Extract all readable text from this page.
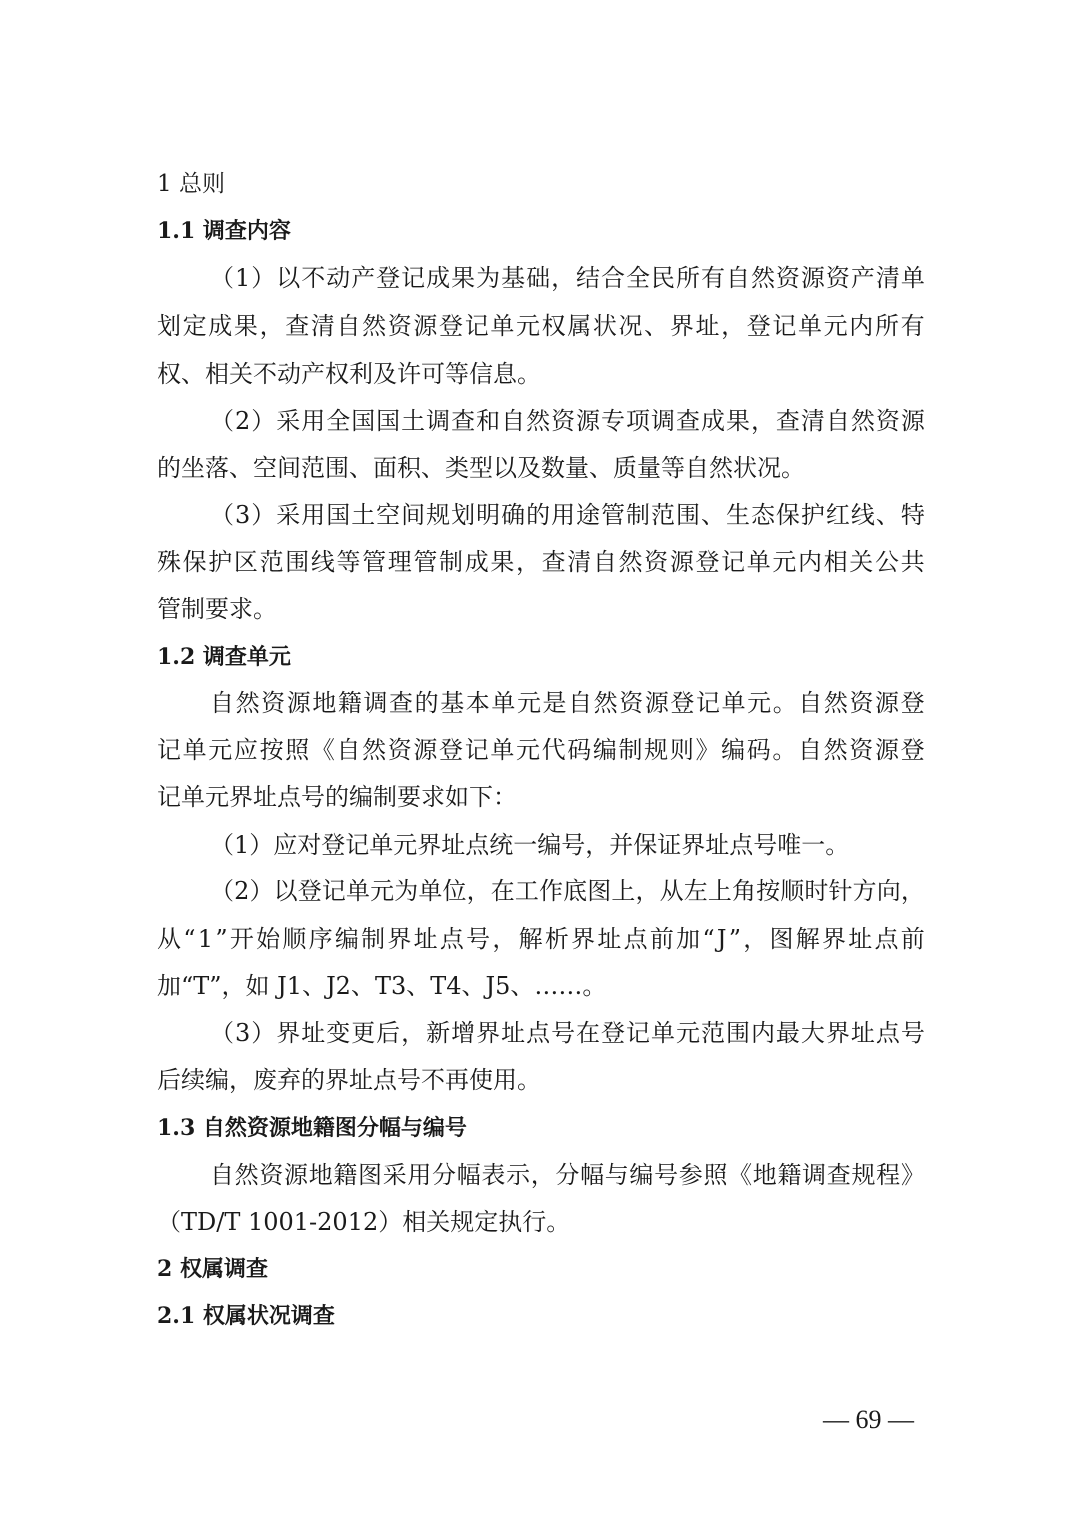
1 总则

1.1 调查内容

（ 1 ） 以 不 动 产 登 记 成 果 为 基 础 ， 结 合 全 民 所 有 自 然 资 源 资 产 清 单

划 定 成 果 ， 查 清 自 然 资 源 登 记 单 元 权 属 状 况 、 界 址 ， 登 记 单 元 内 所 有

权、相关不动产权利及许可等信息。

（ 2 ） 采 用 全 国 国 土 调 查 和 自 然 资 源 专 项 调 查 成 果 ， 查 清 自 然 资 源

的坐落、空间范围、面积、类型以及数量、质量等自然状况。

（ 3 ） 采 用 国 土 空 间 规 划 明 确 的 用 途 管 制 范 围 、 生 态 保 护 红 线 、 特

殊 保 护 区 范 围 线 等 管 理 管 制 成 果 ， 查 清 自 然 资 源 登 记 单 元 内 相 关 公 共

管制要求。

1.2 调查单元

自 然 资 源 地 籍 调 查 的 基 本 单 元 是 自 然 资 源 登 记 单 元 。 自 然 资 源 登

记 单 元 应 按 照 《 自 然 资 源 登 记 单 元 代 码 编 制 规 则 》 编 码 。 自 然 资 源 登

记单元界址点号的编制要求如下：

（1）应对登记单元界址点统一编号，并保证界址点号唯一。

（ 2 ） 以 登 记 单 元 为 单 位 ， 在 工 作 底 图 上 ， 从 左 上 角 按 顺 时 针 方 向 ，

从 “ 1 ” 开 始 顺 序 编 制 界 址 点 号 ， 解 析 界 址 点 前 加 “ J ” ， 图 解 界 址 点 前

加“T”，如 J1、J2、T3、T4、J5、……。

（ 3 ） 界 址 变 更 后 ， 新 增 界 址 点 号 在 登 记 单 元 范 围 内 最 大 界 址 点 号

后续编，废弃的界址点号不再使用。

1.3 自然资源地籍图分幅与编号

自 然 资 源 地 籍 图 采 用 分 幅 表 示 ， 分 幅 与 编 号 参 照 《 地 籍 调 查 规 程 》

（TD/T 1001-2012）相关规定执行。

2 权属调查

2.1 权属状况调查

— 69 —
